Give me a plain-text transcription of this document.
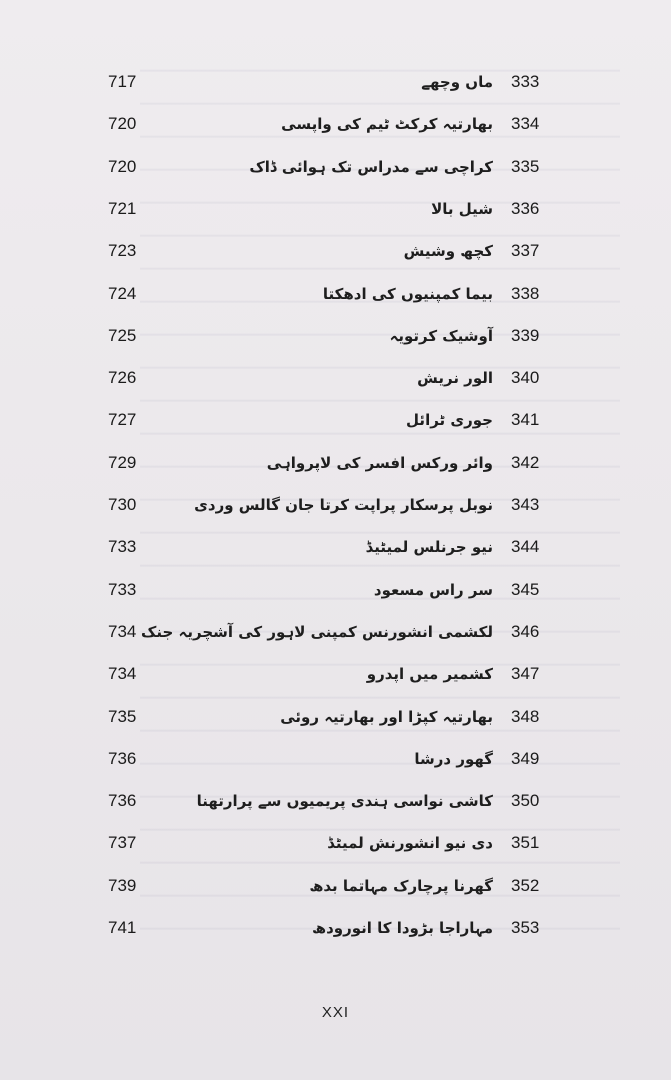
717	ماں وچھے 333
720	بھارتیہ کرکٹ ٹیم کی واپسی 334
720	کراچی سے مدراس تک ہوائی ڈاک 335
721	شیل بالا 336
723	کچھ وشیش 337
724	بیما کمپنیوں کی ادھکتا 338
725	آوشیک کرتویہ 339
726	الور نریش 340
727	جوری ٹرائل 341
729	وائر ورکس افسر کی لاپرواہی 342
730	نوبل پرسکار پراپت کرتا جان گالس وردی 343
733	نیو جرنلس لمیٹیڈ 344
733	سر راس مسعود 345
734 لکشمی انشورنس کمپنی لاہور کی آشچریہ جنک 346
734	کشمیر میں اپدرو 347
735	بھارتیہ کپڑا اور بھارتیہ روئی 348
736	گھور درشا 349
736	کاشی نواسی ہندی پریمیوں سے پرارتھنا 350
737	دی نیو انشورنش لمیٹڈ 351
739	گھرنا پرچارک مہاتما بدھ 352
741	مہاراجا بڑودا کا انورودھ 353
XXI
